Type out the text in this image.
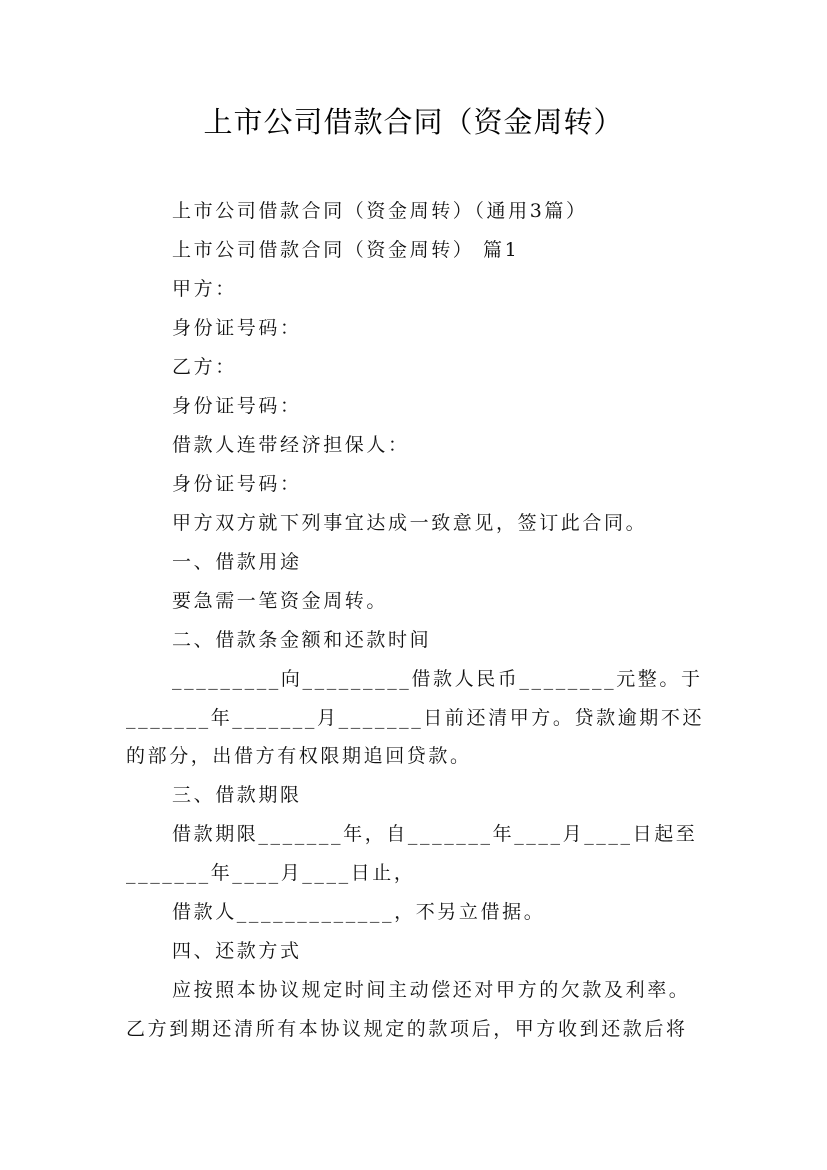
上市公司借款合同（资金周转）
上市公司借款合同（资金周转）（通用3篇）
上市公司借款合同（资金周转） 篇1
甲方：
身份证号码：
乙方：
身份证号码：
借款人连带经济担保人：
身份证号码：
甲方双方就下列事宜达成一致意见，签订此合同。
一、借款用途
要急需一笔资金周转。
二、借款条金额和还款时间
_________向_________借款人民币________元整。于
_______年_______月_______日前还清甲方。贷款逾期不还
的部分，出借方有权限期追回贷款。
三、借款期限
借款期限_______年，自_______年____月____日起至
_______年____月____日止，
借款人_____________，不另立借据。
四、还款方式
应按照本协议规定时间主动偿还对甲方的欠款及利率。
乙方到期还清所有本协议规定的款项后，甲方收到还款后将
